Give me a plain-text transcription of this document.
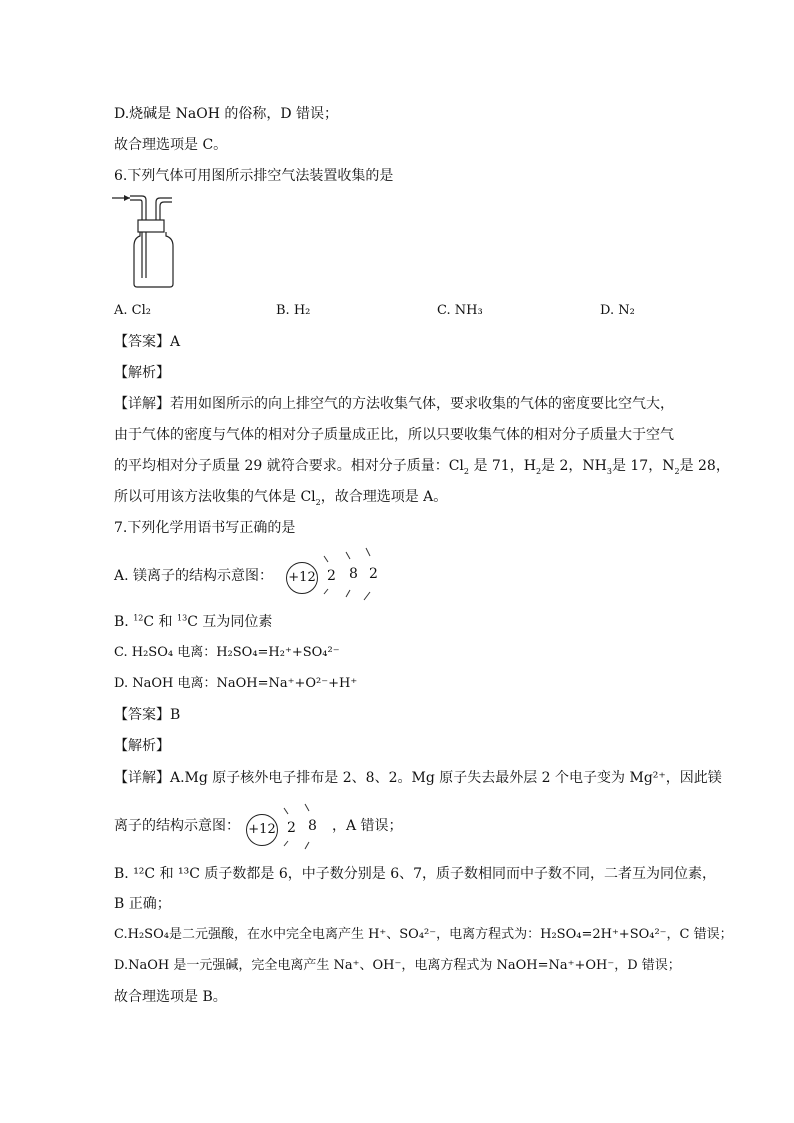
D.烧碱是 NaOH 的俗称，D 错误；
故合理选项是 C。
6.下列气体可用图所示排空气法装置收集的是
A. Cl₂	B. H₂	C. NH₃	D. N₂
【答案】A
【解析】
【详解】若用如图所示的向上排空气的方法收集气体，要求收集的气体的密度要比空气大，
由于气体的密度与气体的相对分子质量成正比，所以只要收集气体的相对分子质量大于空气
的平均相对分子质量 29 就符合要求。相对分子质量：$Cl_2$ 是 71，$H_2$是 2，$NH_3$是 17，$N_2$是 28，
所以可用该方法收集的气体是 $Cl_2$，故合理选项是 A。
7.下列化学用语书写正确的是
A. 镁离子的结构示意图： +12 2 8 2
B. $^{12}$C 和 $^{13}$C 互为同位素
C. H₂SO₄ 电离：H₂SO₄=H₂⁺+SO₄²⁻
D. NaOH 电离：NaOH=Na⁺+O²⁻+H⁺
【答案】B
【解析】
【详解】A.Mg 原子核外电子排布是 2、8、2。Mg 原子失去最外层 2 个电子变为 Mg²⁺，因此镁
离子的结构示意图： +12 2 8 ，A 错误；
B. ¹²C 和 ¹³C 质子数都是 6，中子数分别是 6、7，质子数相同而中子数不同，二者互为同位素，
B 正确；
C.H₂SO₄是二元强酸，在水中完全电离产生 H⁺、SO₄²⁻，电离方程式为：H₂SO₄=2H⁺+SO₄²⁻，C 错误；
D.NaOH 是一元强碱，完全电离产生 Na⁺、OH⁻，电离方程式为 NaOH=Na⁺+OH⁻，D 错误；
故合理选项是 B。
